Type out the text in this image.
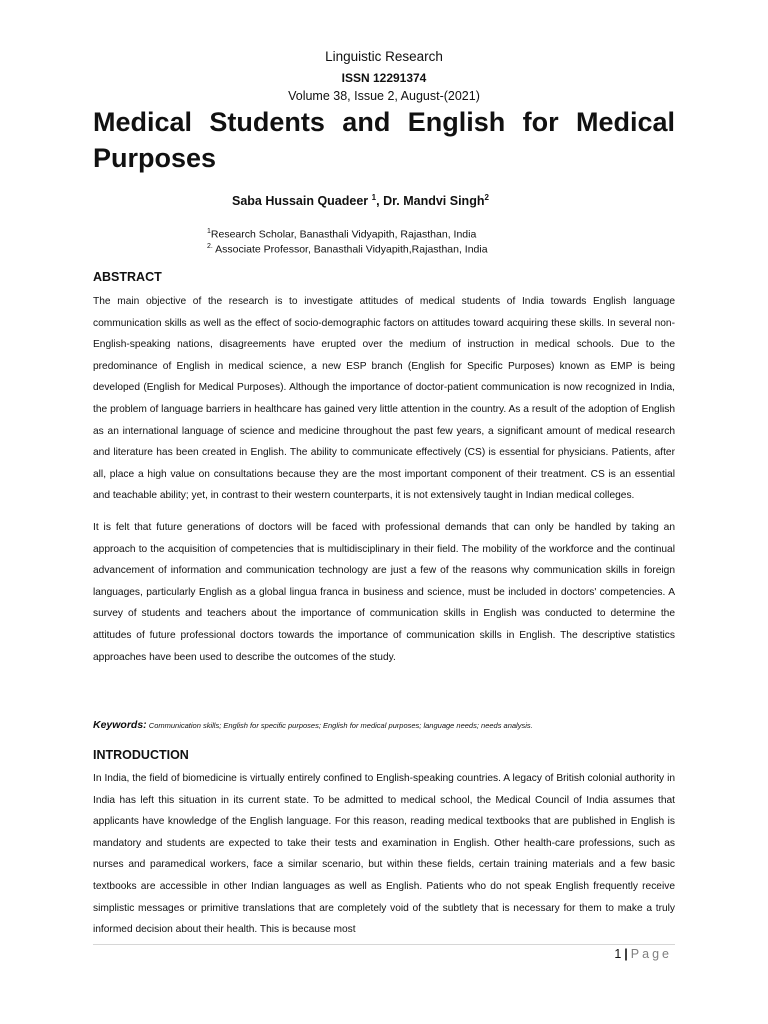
Linguistic Research
ISSN 12291374
Volume 38, Issue 2, August-(2021)
Medical Students and English for Medical Purposes
Saba Hussain Quadeer $^1$, Dr. Mandvi Singh$^2$
$^1$Research Scholar, Banasthali Vidyapith, Rajasthan, India
$^{2.}$ Associate Professor, Banasthali Vidyapith,Rajasthan, India
ABSTRACT

The main objective of the research is to investigate attitudes of medical students of India towards English language communication skills as well as the effect of socio-demographic factors on attitudes toward acquiring these skills. In several non-English-speaking nations, disagreements have erupted over the medium of instruction in medical schools. Due to the predominance of English in medical science, a new ESP branch (English for Specific Purposes) known as EMP is being developed (English for Medical Purposes). Although the importance of doctor-patient communication is now recognized in India, the problem of language barriers in healthcare has gained very little attention in the country. As a result of the adoption of English as an international language of science and medicine throughout the past few years, a significant amount of medical research and literature has been created in English. The ability to communicate effectively (CS) is essential for physicians. Patients, after all, place a high value on consultations because they are the most important component of their treatment. CS is an essential and teachable ability; yet, in contrast to their western counterparts, it is not extensively taught in Indian medical colleges.

It is felt that future generations of doctors will be faced with professional demands that can only be handled by taking an approach to the acquisition of competencies that is multidisciplinary in their field. The mobility of the workforce and the continual advancement of information and communication technology are just a few of the reasons why communication skills in foreign languages, particularly English as a global lingua franca in business and science, must be included in doctors' competencies. A survey of students and teachers about the importance of communication skills in English was conducted to determine the attitudes of future professional doctors towards the importance of communication skills in English. The descriptive statistics approaches have been used to describe the outcomes of the study.

Keywords: Communication skills; English for specific purposes; English for medical purposes; language needs; needs analysis.
INTRODUCTION

In India, the field of biomedicine is virtually entirely confined to English-speaking countries. A legacy of British colonial authority in India has left this situation in its current state. To be admitted to medical school, the Medical Council of India assumes that applicants have knowledge of the English language. For this reason, reading medical textbooks that are published in English is mandatory and students are expected to take their tests and examination in English. Other health-care professions, such as nurses and paramedical workers, face a similar scenario, but within these fields, certain training materials and a few basic textbooks are accessible in other Indian languages as well as English. Patients who do not speak English frequently receive simplistic messages or primitive translations that are completely void of the subtlety that is necessary for them to make a truly informed decision about their health. This is because most

1 | Page
